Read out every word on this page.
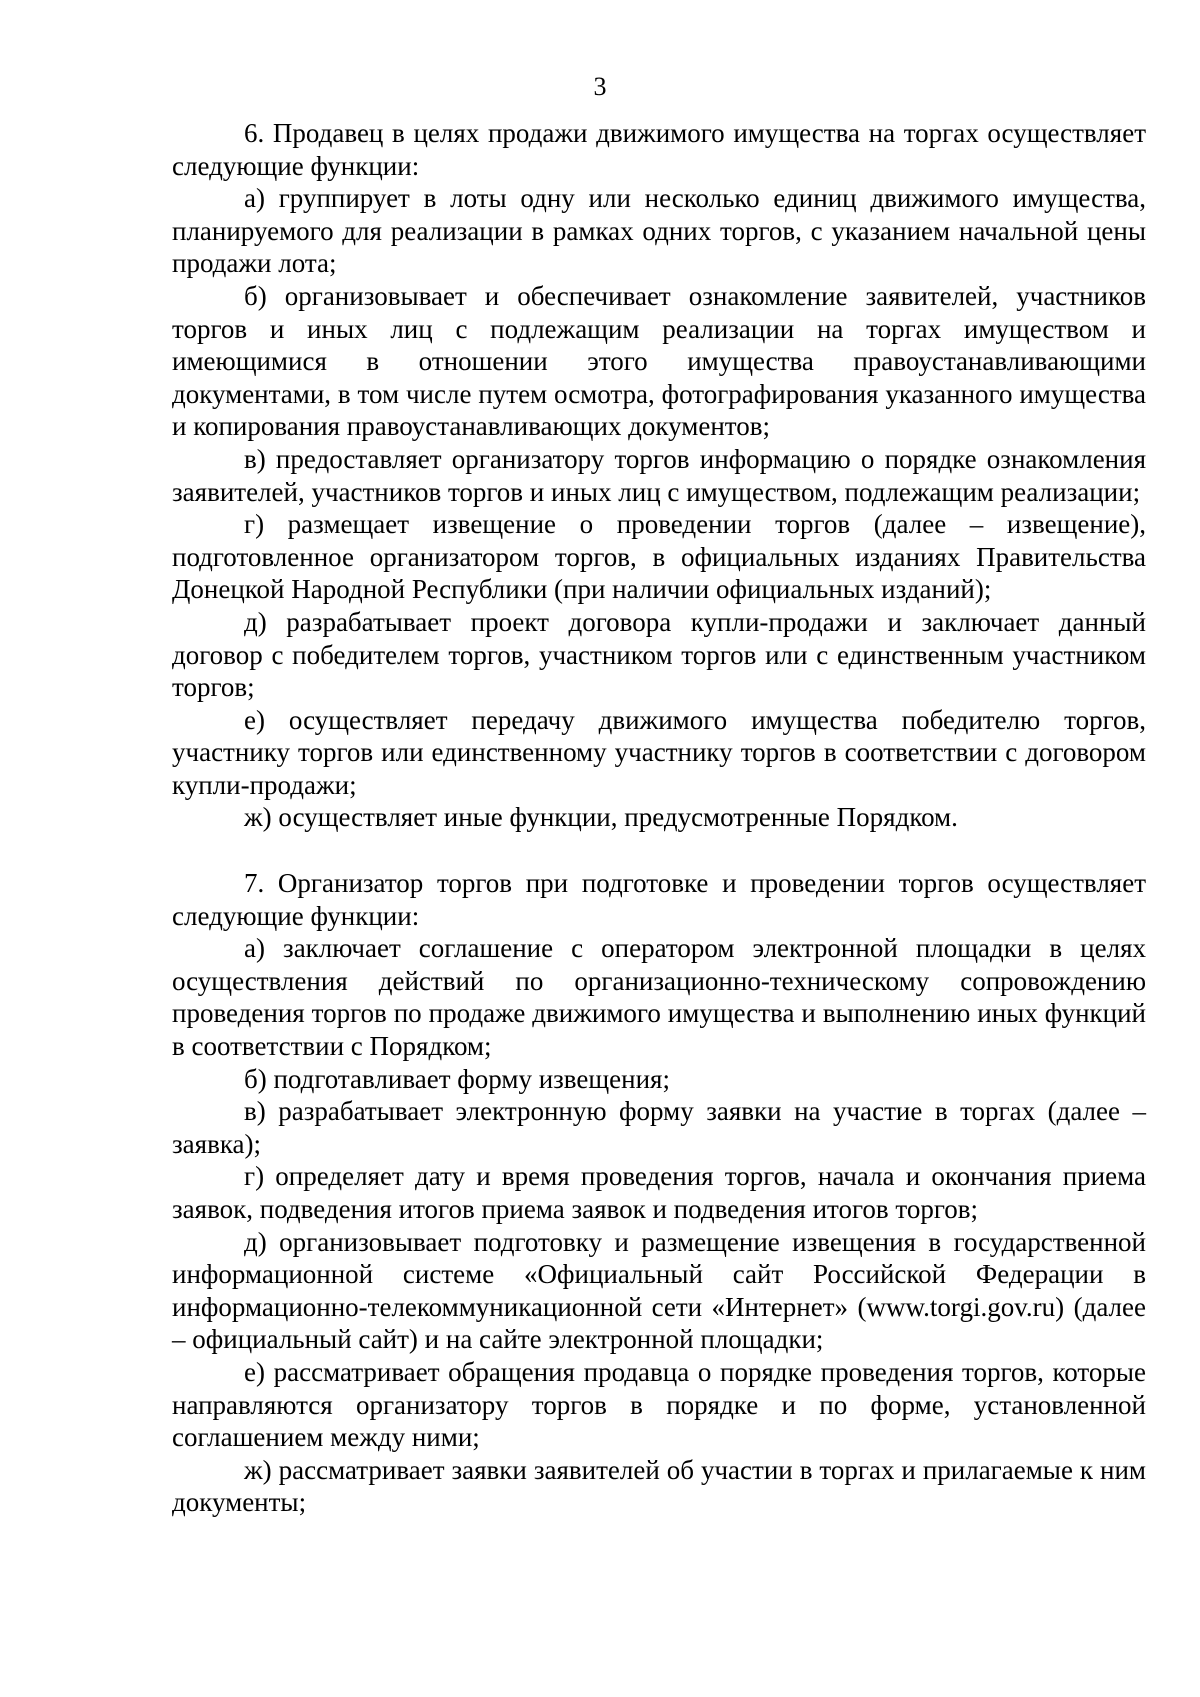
3

6. Продавец в целях продажи движимого имущества на торгах осуществляет следующие функции:

а) группирует в лоты одну или несколько единиц движимого имущества, планируемого для реализации в рамках одних торгов, с указанием начальной цены продажи лота;

б) организовывает и обеспечивает ознакомление заявителей, участников торгов и иных лиц с подлежащим реализации на торгах имуществом и имеющимися в отношении этого имущества правоустанавливающими документами, в том числе путем осмотра, фотографирования указанного имущества и копирования правоустанавливающих документов;

в) предоставляет организатору торгов информацию о порядке ознакомления заявителей, участников торгов и иных лиц с имуществом, подлежащим реализации;

г) размещает извещение о проведении торгов (далее – извещение), подготовленное организатором торгов, в официальных изданиях Правительства Донецкой Народной Республики (при наличии официальных изданий);

д) разрабатывает проект договора купли-продажи и заключает данный договор с победителем торгов, участником торгов или с единственным участником торгов;

е) осуществляет передачу движимого имущества победителю торгов, участнику торгов или единственному участнику торгов в соответствии с договором купли-продажи;

ж) осуществляет иные функции, предусмотренные Порядком.

7. Организатор торгов при подготовке и проведении торгов осуществляет следующие функции:

а) заключает соглашение с оператором электронной площадки в целях осуществления действий по организационно-техническому сопровождению проведения торгов по продаже движимого имущества и выполнению иных функций в соответствии с Порядком;

б) подготавливает форму извещения;

в) разрабатывает электронную форму заявки на участие в торгах (далее – заявка);

г) определяет дату и время проведения торгов, начала и окончания приема заявок, подведения итогов приема заявок и подведения итогов торгов;

д) организовывает подготовку и размещение извещения в государственной информационной системе «Официальный сайт Российской Федерации в информационно-телекоммуникационной сети «Интернет» (www.torgi.gov.ru) (далее – официальный сайт) и на сайте электронной площадки;

е) рассматривает обращения продавца о порядке проведения торгов, которые направляются организатору торгов в порядке и по форме, установленной соглашением между ними;

ж) рассматривает заявки заявителей об участии в торгах и прилагаемые к ним документы;
